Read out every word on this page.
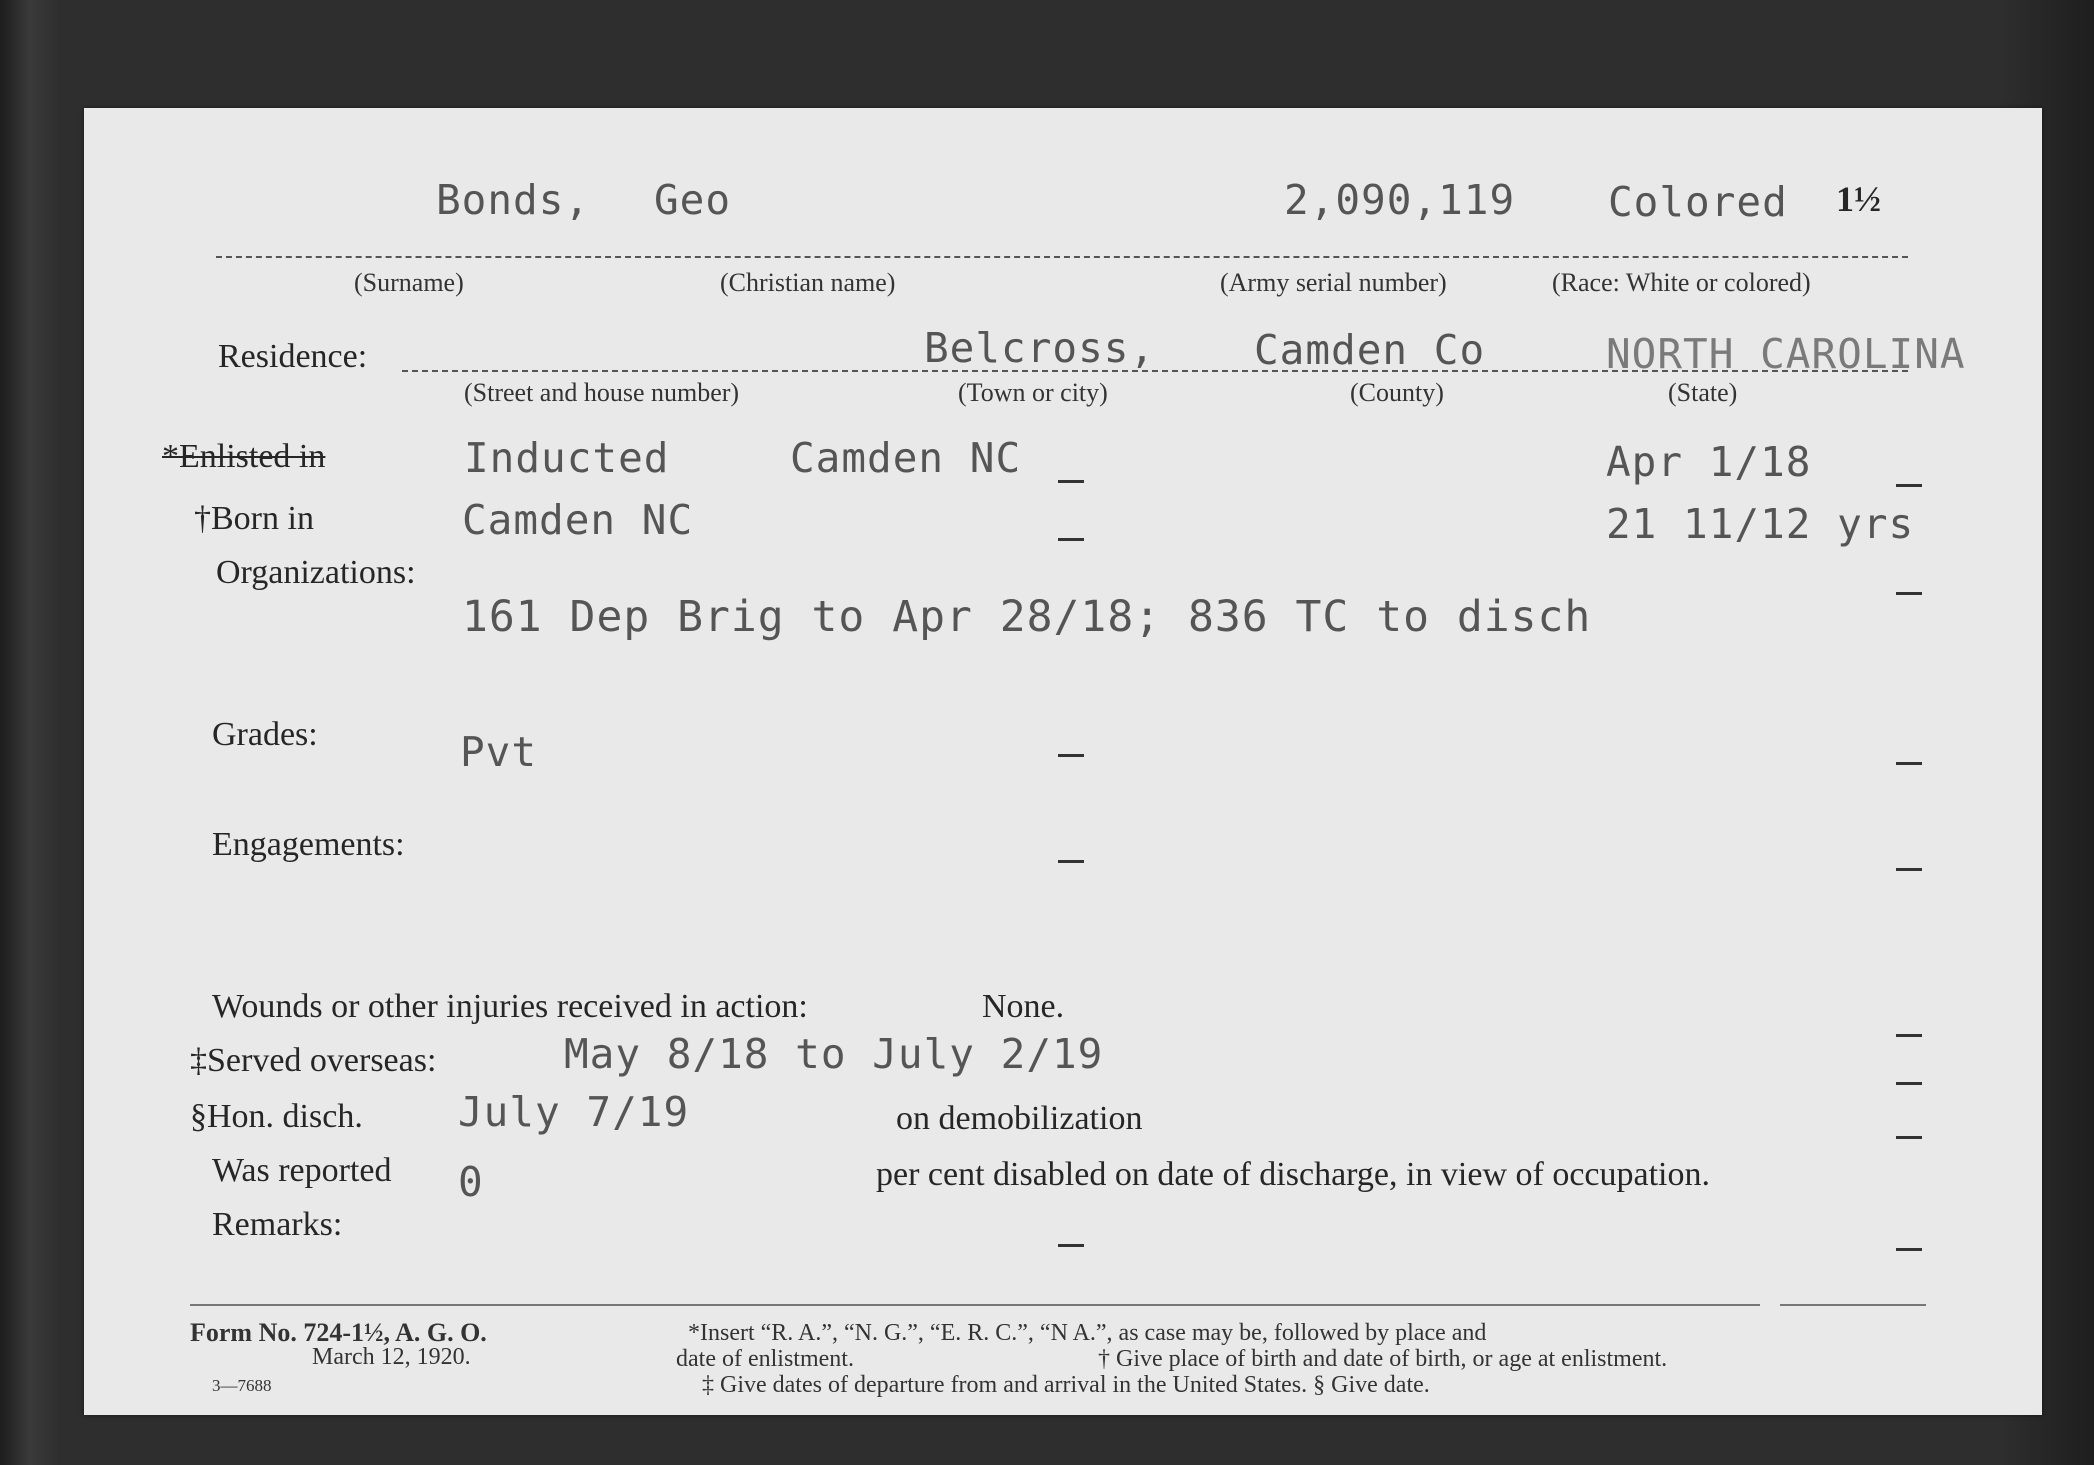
Bonds, Geo	2,090,119 Colored 1½
(Surname)	(Christian name)	(Army serial number)	(Race: White or colored)
Residence:	Belcross, Camden Co	NORTH CAROLINA
(Street and house number)	(Town or city)	(County)	(State)
*Enlisted in	Inducted	Camden NC	Apr 1/18
†Born in	Camden NC	21 11/12 yrs
Organizations:
161 Dep Brig to Apr 28/18; 836 TC to disch
Grades:	Pvt
Engagements:
Wounds or other injuries received in action:	None.
‡Served overseas:	May 8/18 to July 2/19
§Hon. disch. July 7/19	on demobilization
Was reported 0	per cent disabled on date of discharge, in view of occupation.
Remarks:
Form No. 724-1½, A. G. O.
March 12, 1920.
3—7688
*Insert “R. A.”, “N. G.”, “E. R. C.”, “N A.”, as case may be, followed by place and
date of enlistment.	† Give place of birth and date of birth, or age at enlistment.
‡ Give dates of departure from and arrival in the United States. § Give date.
